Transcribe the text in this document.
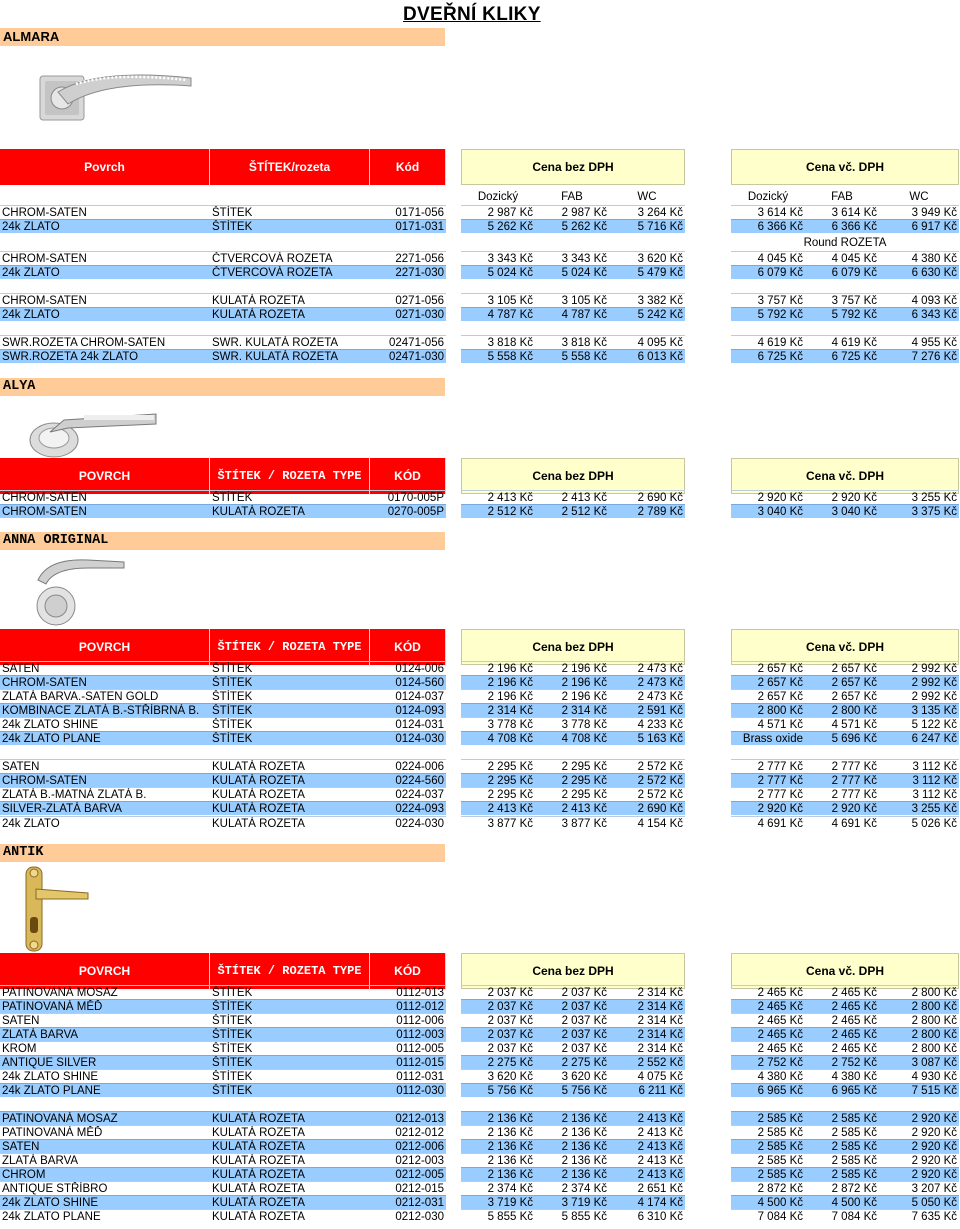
DVEŘNÍ KLIKY
ALMARA
Povrch	ŠTÍTEK/rozeta	Kód	Cena bez DPH	Cena vč. DPH
Dozický	FAB	WC	Dozický	FAB	WC
Round ROZETA
CHROM-SATEN	ŠTÍTEK	0171-056	2 987 Kč	2 987 Kč	3 264 Kč	3 614 Kč	3 614 Kč	3 949 Kč
24k ZLATO	ŠTÍTEK	0171-031	5 262 Kč	5 262 Kč	5 716 Kč	6 366 Kč	6 366 Kč	6 917 Kč
CHROM-SATEN	ČTVERCOVÁ ROZETA	2271-056	3 343 Kč	3 343 Kč	3 620 Kč	4 045 Kč	4 045 Kč	4 380 Kč
24k ZLATO	ČTVERCOVÁ ROZETA	2271-030	5 024 Kč	5 024 Kč	5 479 Kč	6 079 Kč	6 079 Kč	6 630 Kč
CHROM-SATEN	KULATÁ ROZETA	0271-056	3 105 Kč	3 105 Kč	3 382 Kč	3 757 Kč	3 757 Kč	4 093 Kč
24k ZLATO	KULATÁ ROZETA	0271-030	4 787 Kč	4 787 Kč	5 242 Kč	5 792 Kč	5 792 Kč	6 343 Kč
SWR.ROZETA CHROM-SATEN	SWR. KULATÁ ROZETA	02471-056	3 818 Kč	3 818 Kč	4 095 Kč	4 619 Kč	4 619 Kč	4 955 Kč
SWR.ROZETA 24k ZLATO	SWR. KULATÁ ROZETA	02471-030	5 558 Kč	5 558 Kč	6 013 Kč	6 725 Kč	6 725 Kč	7 276 Kč
ALYA
POVRCH	ŠTÍTEK / ROZETA TYPE	KÓD	Cena bez DPH	Cena vč. DPH
CHROM-SATEN	ŠTÍTEK	0170-005P	2 413 Kč	2 413 Kč	2 690 Kč	2 920 Kč	2 920 Kč	3 255 Kč
CHROM-SATEN	KULATÁ ROZETA	0270-005P	2 512 Kč	2 512 Kč	2 789 Kč	3 040 Kč	3 040 Kč	3 375 Kč
ANNA ORIGINAL
POVRCH	ŠTÍTEK / ROZETA TYPE	KÓD	Cena bez DPH	Cena vč. DPH
SATEN	ŠTÍTEK	0124-006	2 196 Kč	2 196 Kč	2 473 Kč	2 657 Kč	2 657 Kč	2 992 Kč
CHROM-SATEN	ŠTÍTEK	0124-560	2 196 Kč	2 196 Kč	2 473 Kč	2 657 Kč	2 657 Kč	2 992 Kč
ZLATÁ BARVA.-SATEN GOLD	ŠTÍTEK	0124-037	2 196 Kč	2 196 Kč	2 473 Kč	2 657 Kč	2 657 Kč	2 992 Kč
KOMBINACE ZLATÁ B.-STŘÍBRNÁ B.	ŠTÍTEK	0124-093	2 314 Kč	2 314 Kč	2 591 Kč	2 800 Kč	2 800 Kč	3 135 Kč
24k ZLATO SHINE	ŠTÍTEK	0124-031	3 778 Kč	3 778 Kč	4 233 Kč	4 571 Kč	4 571 Kč	5 122 Kč
24k ZLATO PLANE	ŠTÍTEK	0124-030	4 708 Kč	4 708 Kč	5 163 Kč	Brass oxide	5 696 Kč	6 247 Kč
SATEN	KULATÁ ROZETA	0224-006	2 295 Kč	2 295 Kč	2 572 Kč	2 777 Kč	2 777 Kč	3 112 Kč
CHROM-SATEN	KULATÁ ROZETA	0224-560	2 295 Kč	2 295 Kč	2 572 Kč	2 777 Kč	2 777 Kč	3 112 Kč
ZLATÁ B.-MATNÁ ZLATÁ B.	KULATÁ ROZETA	0224-037	2 295 Kč	2 295 Kč	2 572 Kč	2 777 Kč	2 777 Kč	3 112 Kč
SILVER-ZLATÁ BARVA	KULATÁ ROZETA	0224-093	2 413 Kč	2 413 Kč	2 690 Kč	2 920 Kč	2 920 Kč	3 255 Kč
24k ZLATO	KULATÁ ROZETA	0224-030	3 877 Kč	3 877 Kč	4 154 Kč	4 691 Kč	4 691 Kč	5 026 Kč
ANTIK
POVRCH	ŠTÍTEK / ROZETA TYPE	KÓD	Cena bez DPH	Cena vč. DPH
PATINOVANÁ MOSAZ	ŠTÍTEK	0112-013	2 037 Kč	2 037 Kč	2 314 Kč	2 465 Kč	2 465 Kč	2 800 Kč
PATINOVANÁ MĚĎ	ŠTÍTEK	0112-012	2 037 Kč	2 037 Kč	2 314 Kč	2 465 Kč	2 465 Kč	2 800 Kč
SATEN	ŠTÍTEK	0112-006	2 037 Kč	2 037 Kč	2 314 Kč	2 465 Kč	2 465 Kč	2 800 Kč
ZLATÁ BARVA	ŠTÍTEK	0112-003	2 037 Kč	2 037 Kč	2 314 Kč	2 465 Kč	2 465 Kč	2 800 Kč
KROM	ŠTÍTEK	0112-005	2 037 Kč	2 037 Kč	2 314 Kč	2 465 Kč	2 465 Kč	2 800 Kč
ANTIQUE SILVER	ŠTÍTEK	0112-015	2 275 Kč	2 275 Kč	2 552 Kč	2 752 Kč	2 752 Kč	3 087 Kč
24k ZLATO SHINE	ŠTÍTEK	0112-031	3 620 Kč	3 620 Kč	4 075 Kč	4 380 Kč	4 380 Kč	4 930 Kč
24k ZLATO PLANE	ŠTÍTEK	0112-030	5 756 Kč	5 756 Kč	6 211 Kč	6 965 Kč	6 965 Kč	7 515 Kč
PATINOVANÁ MOSAZ	KULATÁ ROZETA	0212-013	2 136 Kč	2 136 Kč	2 413 Kč	2 585 Kč	2 585 Kč	2 920 Kč
PATINOVANÁ MĚĎ	KULATÁ ROZETA	0212-012	2 136 Kč	2 136 Kč	2 413 Kč	2 585 Kč	2 585 Kč	2 920 Kč
SATEN	KULATÁ ROZETA	0212-006	2 136 Kč	2 136 Kč	2 413 Kč	2 585 Kč	2 585 Kč	2 920 Kč
ZLATÁ BARVA	KULATÁ ROZETA	0212-003	2 136 Kč	2 136 Kč	2 413 Kč	2 585 Kč	2 585 Kč	2 920 Kč
CHROM	KULATÁ ROZETA	0212-005	2 136 Kč	2 136 Kč	2 413 Kč	2 585 Kč	2 585 Kč	2 920 Kč
ANTIQUE STŘÍBRO	KULATÁ ROZETA	0212-015	2 374 Kč	2 374 Kč	2 651 Kč	2 872 Kč	2 872 Kč	3 207 Kč
24k ZLATO SHINE	KULATÁ ROZETA	0212-031	3 719 Kč	3 719 Kč	4 174 Kč	4 500 Kč	4 500 Kč	5 050 Kč
24k ZLATO PLANE	KULATÁ ROZETA	0212-030	5 855 Kč	5 855 Kč	6 310 Kč	7 084 Kč	7 084 Kč	7 635 Kč
